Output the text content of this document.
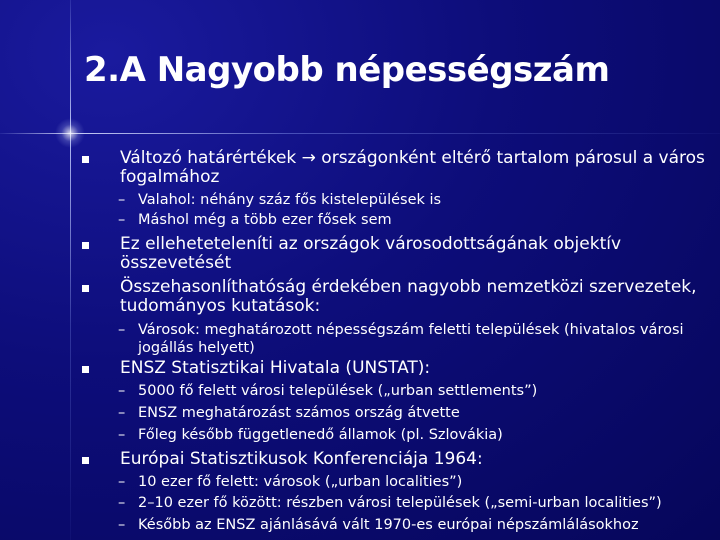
2.A Nagyobb népességszám
Változó határértékek → országonként eltérő tartalom párosul a város fogalmához
– Valahol: néhány száz fős kistelepülések is
– Máshol még a több ezer fősek sem
Ez elleheteteleníti az országok városodottságának objektív összevetését
Összehasonlíthatóság érdekében nagyobb nemzetközi szervezetek, tudományos kutatások:
– Városok: meghatározott népességszám feletti települések (hivatalos városi jogállás helyett)
ENSZ Statisztikai Hivatala (UNSTAT):
– 5000 fő felett városi települések („urban settlements”)
– ENSZ meghatározást számos ország átvette
– Főleg később függetlenedő államok (pl. Szlovákia)
Európai Statisztikusok Konferenciája 1964:
– 10 ezer fő felett: városok („urban localities”)
– 2–10 ezer fő között: részben városi települések („semi-urban localities”)
– Később az ENSZ ajánlásává vált 1970-es európai népszámlálásokhoz
